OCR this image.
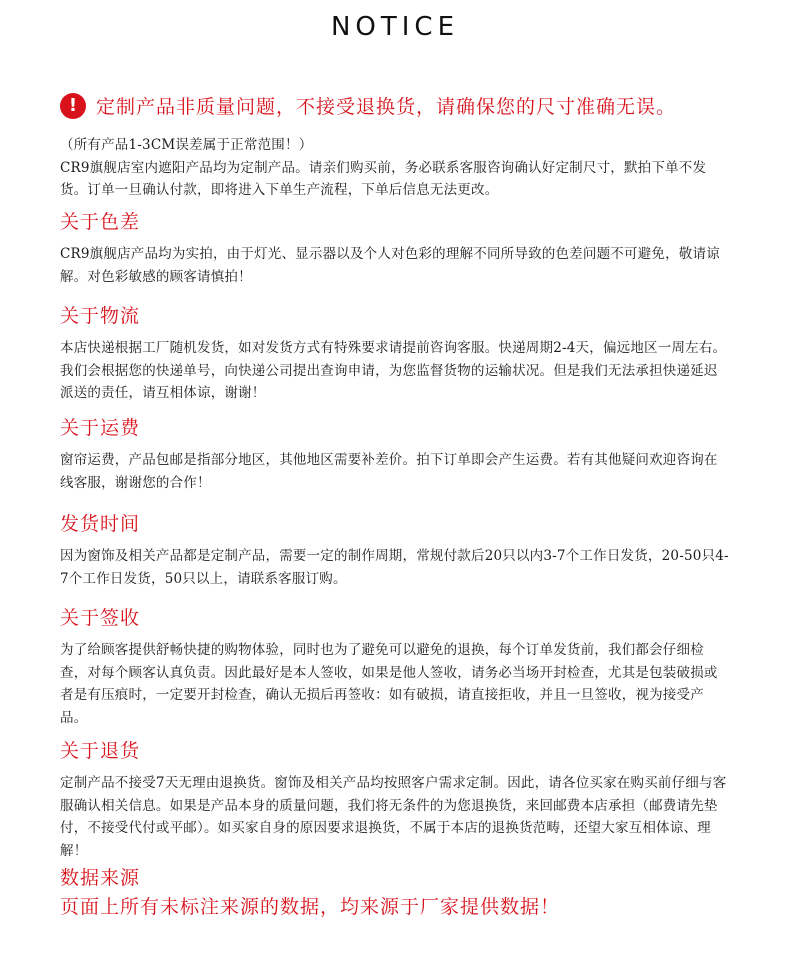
NOTICE
! 定制产品非质量问题，不接受退换货，请确保您的尺寸准确无误。
（所有产品1-3CM误差属于正常范围！）
CR9旗舰店室内遮阳产品均为定制产品。请亲们购买前，务必联系客服咨询确认好定制尺寸，默拍下单不发货。订单一旦确认付款，即将进入下单生产流程，下单后信息无法更改。
关于色差
CR9旗舰店产品均为实拍，由于灯光、显示器以及个人对色彩的理解不同所导致的色差问题不可避免，敬请谅解。对色彩敏感的顾客请慎拍！
关于物流
本店快递根据工厂随机发货，如对发货方式有特殊要求请提前咨询客服。快递周期2-4天，偏远地区一周左右。我们会根据您的快递单号，向快递公司提出查询申请，为您监督货物的运输状况。但是我们无法承担快递延迟派送的责任，请互相体谅，谢谢！
关于运费
窗帘运费，产品包邮是指部分地区，其他地区需要补差价。拍下订单即会产生运费。若有其他疑问欢迎咨询在线客服，谢谢您的合作！
发货时间
因为窗饰及相关产品都是定制产品，需要一定的制作周期，常规付款后20只以内3-7个工作日发货，20-50只4-7个工作日发货，50只以上，请联系客服订购。
关于签收
为了给顾客提供舒畅快捷的购物体验，同时也为了避免可以避免的退换，每个订单发货前，我们都会仔细检查，对每个顾客认真负责。因此最好是本人签收，如果是他人签收，请务必当场开封检查，尤其是包装破损或者是有压痕时，一定要开封检查，确认无损后再签收：如有破损，请直接拒收，并且一旦签收，视为接受产品。
关于退货
定制产品不接受7天无理由退换货。窗饰及相关产品均按照客户需求定制。因此，请各位买家在购买前仔细与客服确认相关信息。如果是产品本身的质量问题，我们将无条件的为您退换货，来回邮费本店承担（邮费请先垫付，不接受代付或平邮）。如买家自身的原因要求退换货，不属于本店的退换货范畴，还望大家互相体谅、理解！
数据来源
页面上所有未标注来源的数据，均来源于厂家提供数据！
